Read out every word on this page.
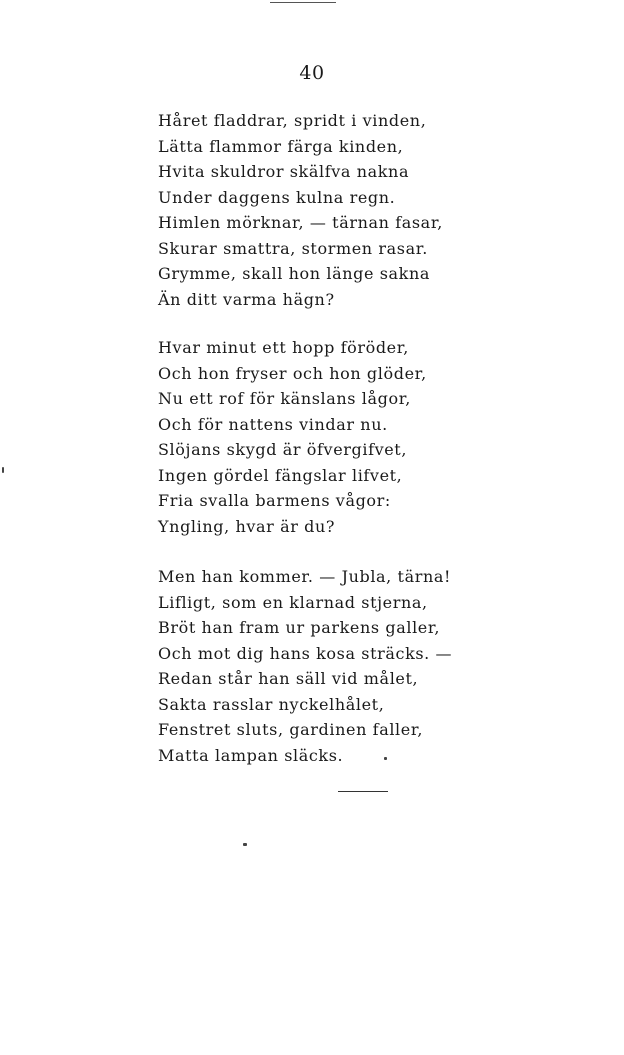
40
Håret fladdrar, spridt i vinden,
Lätta flammor färga kinden,
Hvita skuldror skälfva nakna
Under daggens kulna regn.
Himlen mörknar, — tärnan fasar,
Skurar smattra, stormen rasar.
Grymme, skall hon länge sakna
Än ditt varma hägn?
Hvar minut ett hopp föröder,
Och hon fryser och hon glöder,
Nu ett rof för känslans lågor,
Och för nattens vindar nu.
Slöjans skygd är öfvergifvet,
Ingen gördel fängslar lifvet,
Fria svalla barmens vågor:
Yngling, hvar är du?
Men han kommer. — Jubla, tärna!
Lifligt, som en klarnad stjerna,
Bröt han fram ur parkens galler,
Och mot dig hans kosa sträcks. —
Redan står han säll vid målet,
Sakta rasslar nyckelhålet,
Fenstret sluts, gardinen faller,
Matta lampan släcks.
